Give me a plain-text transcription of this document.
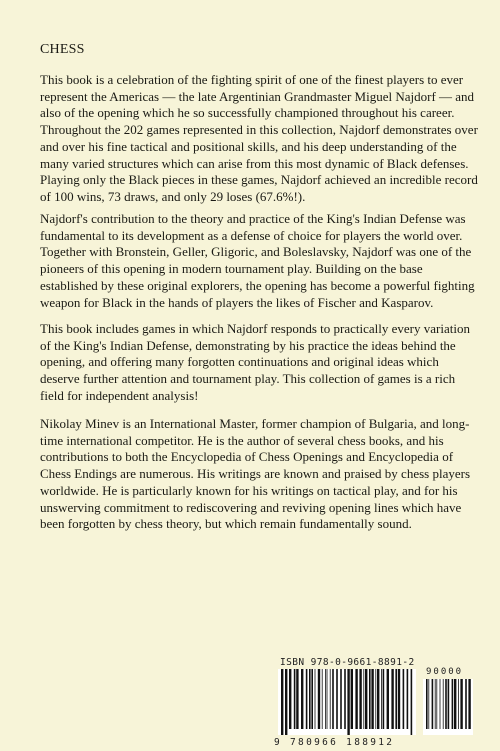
CHESS

This book is a celebration of the fighting spirit of one of the finest players to ever represent the Americas — the late Argentinian Grandmaster Miguel Najdorf — and also of the opening which he so successfully championed throughout his career. Throughout the 202 games represented in this collection, Najdorf demonstrates over and over his fine tactical and positional skills, and his deep understanding of the many varied structures which can arise from this most dynamic of Black defenses. Playing only the Black pieces in these games, Najdorf achieved an incredible record of 100 wins, 73 draws, and only 29 loses (67.6%!).

Najdorf's contribution to the theory and practice of the King's Indian Defense was fundamental to its development as a defense of choice for players the world over. Together with Bronstein, Geller, Gligoric, and Boleslavsky, Najdorf was one of the pioneers of this opening in modern tournament play. Building on the base established by these original explorers, the opening has become a powerful fighting weapon for Black in the hands of players the likes of Fischer and Kasparov.

This book includes games in which Najdorf responds to practically every variation of the King's Indian Defense, demonstrating by his practice the ideas behind the opening, and offering many forgotten continuations and original ideas which deserve further attention and tournament play. This collection of games is a rich field for independent analysis!

Nikolay Minev is an International Master, former champion of Bulgaria, and long-time international competitor. He is the author of several chess books, and his contributions to both the Encyclopedia of Chess Openings and Encyclopedia of Chess Endings are numerous. His writings are known and praised by chess players worldwide. He is particularly known for his writings on tactical play, and for his unswerving commitment to rediscovering and reviving opening lines which have been forgotten by chess theory, but which remain fundamentally sound.

ISBN 978-0-9661-8891-2
90000
9 780966 188912
